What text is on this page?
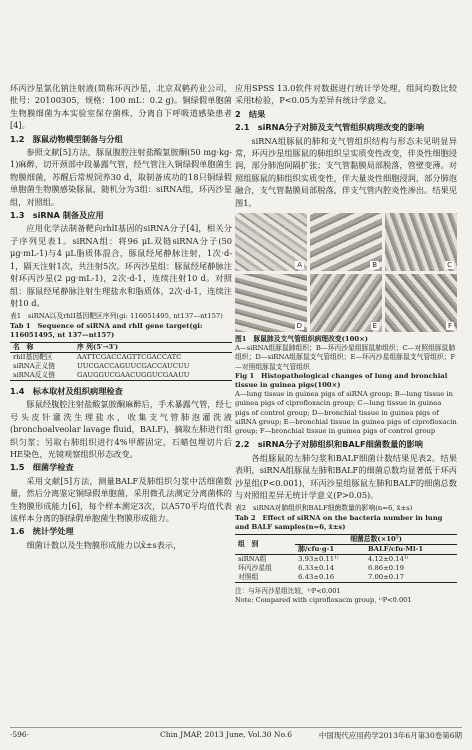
环丙沙星氯化钠注射液(简称环丙沙星，北京双鹤药业公司，批号：20100305，规格：100 mL：0.2 g)。铜绿假单胞菌生物膜细菌为本实验室保存菌株，分离自下呼吸道感染患者[4]。

1.2　豚鼠动物模型制备与分组

参照文献[5]方法，豚鼠腹腔注射盐酸氯胺酮(50 mg·kg-1)麻醉，切开颈部中段暴露气管，经气管注入铜绿假单胞菌生物膜细菌，苏醒后常规饲养30 d，取制备成功的18只铜绿假单胞菌生物膜感染豚鼠，随机分为3组：siRNA组，环丙沙星组，对照组。

1.3　siRNA 制备及应用

应用化学法制备靶向rhlI基因的siRNA分子[4]，相关分子序列见表1。siRNA组：将96 μL双链siRNA分子(50 μg·mL-1)与4 μL脂质体混合，豚鼠经尾静脉注射，1次·d-1，隔天注射1次，共注射5次。环丙沙星组：豚鼠经尾静脉注射环丙沙星(2 μg·mL-1)，2次·d-1，连续注射10 d。对照组：豚鼠经尾静脉注射生理盐水和脂质体，2次·d-1，连续注射10 d。

表1　siRNA以及rhlI基因靶区序列(gi: 116051495, nt137—nt157)
Tab 1　Sequence of siRNA and rhlI gene target(gi: 116051495, nt 137—nt157)
名　称	序 列(5′→3′)
rhlI基因靶区	AATTCGACCAGTTCGACCATC
siRNA正义链	UUCGACCAGUUCGACCAUCUU
siRNA反义链	GAUGGUCGAACUGGUCGAAUU

1.4　标本取材及组织病理检查

豚鼠经腹腔注射盐酸氯胺酮麻醉后，手术暴露气管，经七号头皮针灌洗生理盐水，收集支气管肺泡灌洗液(bronchoalveolar lavage fluid，BALF)，摘取左肺进行组织匀浆；另取右肺组织进行4%甲醛固定，石蜡包埋切片后HE染色，光镜观察组织形态改变。

1.5　细菌学检查

采用文献[5]方法，测量BALF及肺组织匀浆中活细菌数量，然后分离鉴定铜绿假单胞菌，采用微孔法测定分离菌株的生物膜形成能力[6]，每个样本测定3次，以A570平均值代表该样本分离的铜绿假单胞菌生物膜形成能力。

1.6　统计学处理

细菌计数以及生物膜形成能力以x̄±s表示，

应用SPSS 13.0软件对数据进行统计学处理，组间均数比较采用t检验，P<0.05为差异有统计学意义。

2　结果

2.1　siRNA分子对肺及支气管组织病理改变的影响

siRNA组豚鼠的肺和支气管组织结构与形态未见明显异常，环丙沙星组豚鼠的肺组织呈实质变性改变，伴炎性细胞浸润，部分肺泡间隔扩张；支气管黏膜局部脱落，管壁变薄。对照组豚鼠的肺组织实质变性，伴大量炎性细胞浸润，部分肺泡融合，支气管黏膜局部脱落，伴支气管内腔炎性渗出。结果见图1。

A	B	C
D	E	F
图1　豚鼠肺及支气管组织病理改变(100×)
A—siRNA组豚鼠肺组织；B—环丙沙星组豚鼠肺组织；C—对照组豚鼠肺组织；D—siRNA组豚鼠支气管组织；E—环丙沙星组豚鼠支气管组织；F—对照组豚鼠支气管组织
Fig 1　Histopathological changes of lung and bronchial tissue in guinea pigs(100×)
A—lung tissue in guinea pigs of siRNA group; B—lung tissue in guinea pigs of ciprofloxacin group; C—lung tissue in guinea pigs of control group; D—bronchial tissue in guinea pigs of siRNA group; E—bronchial tissue in guinea pigs of ciprofloxacin group; F—bronchial tissue in guinea pigs of control group

2.2　siRNA分子对肺组织和BALF细菌数量的影响

各组豚鼠的左肺匀浆和BALF细菌计数结果见表2。结果表明，siRNA组豚鼠左肺和BALF的细菌总数均显著低于环丙沙星组(P<0.001)，环丙沙星组豚鼠左肺和BALF的细菌总数与对照组差异无统计学意义(P>0.05)。

表2　siRNA对肺组织和BALF细菌数量的影响(n=6, x̄±s)
Tab 2　Effect of siRNA on the bacteria number in lung and BALF samples(n=6, x̄±s)
组　别	细菌总数(×10⁵)	
	肺/cfu·g-1	BALF/cfu·Ml-1
siRNA组	3.93±0.11¹⁾	4.12±0.14¹⁾
环丙沙星组	6.33±0.14	6.86±0.19
对照组	6.43±0.16	7.00±0.17

注：与环丙沙星组比较，¹⁾P<0.001

Note: Compared with ciprofloxacin group, ¹⁾P<0.001

·596·	Chin JMAP, 2013 June, Vol.30 No.6	中国现代应用药学2013年6月第30卷第6期
